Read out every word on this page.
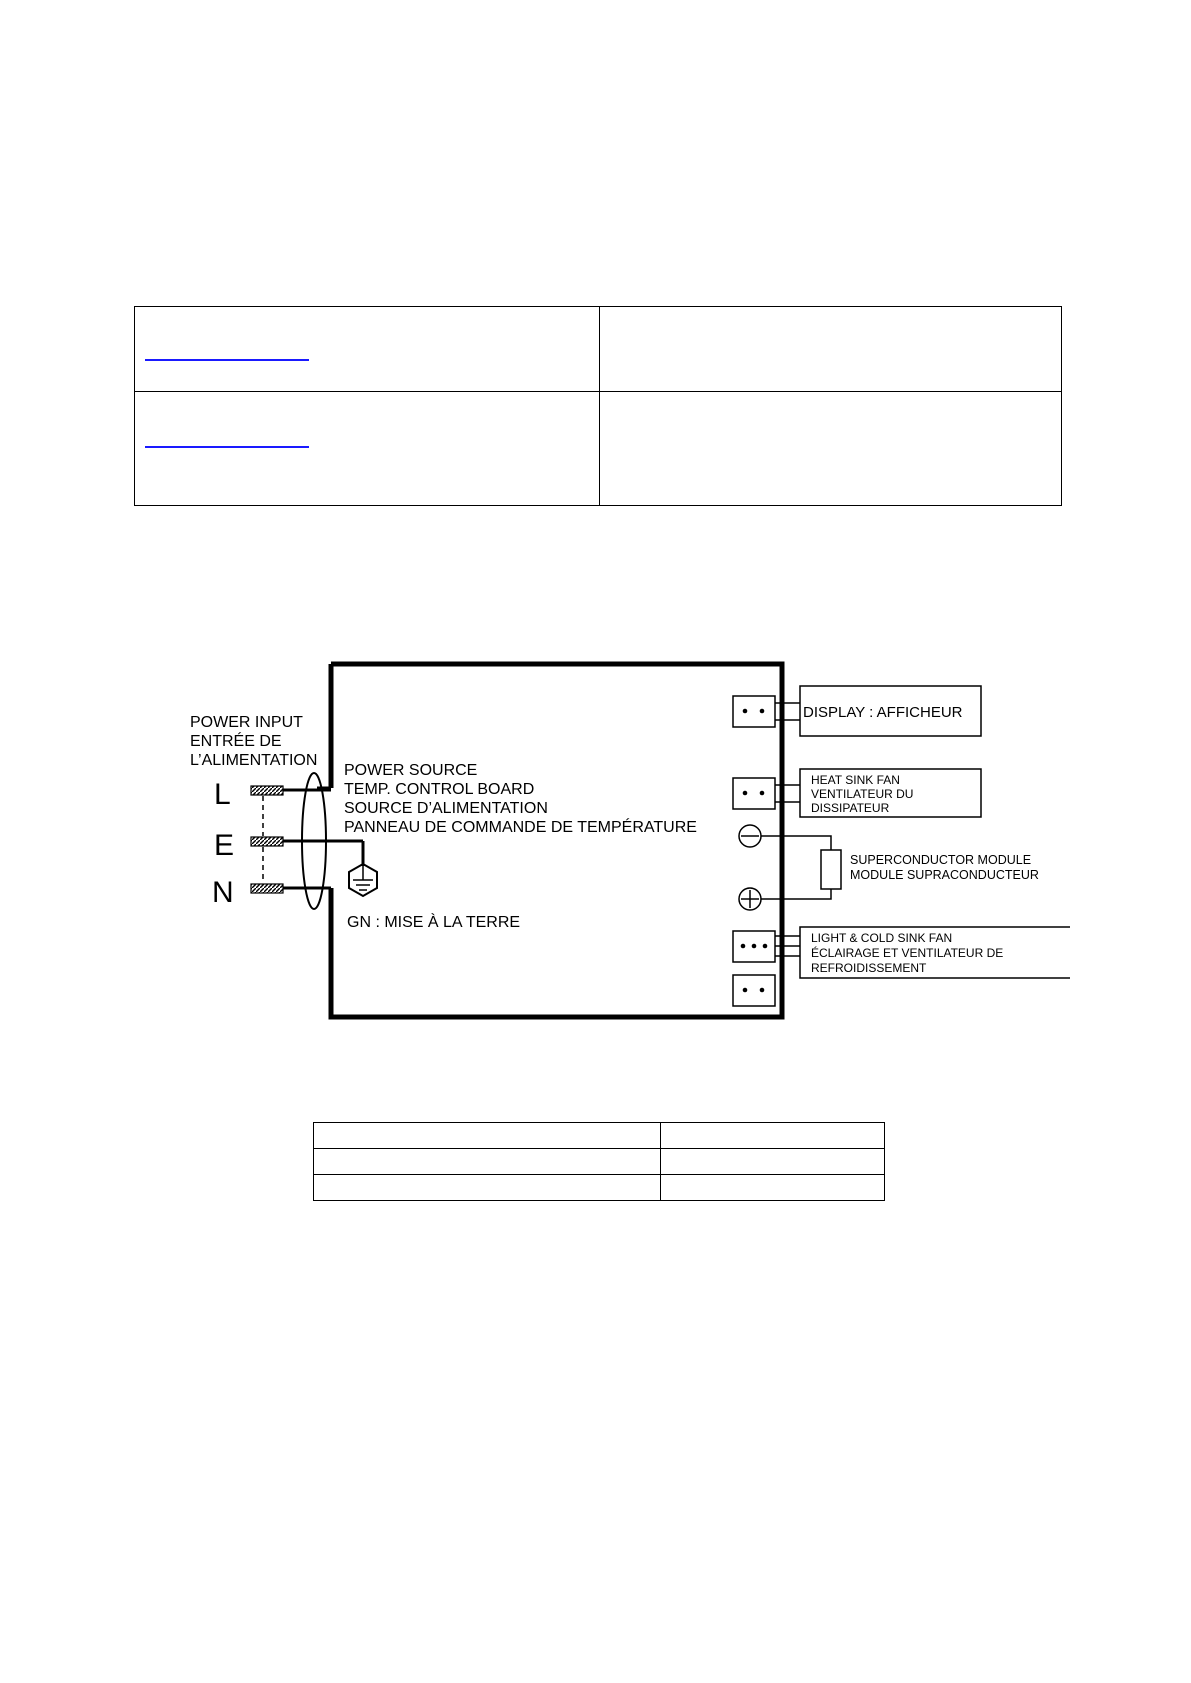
POWER INPUT
ENTRÉE DE
L’ALIMENTATION
L
E
N
POWER SOURCE
TEMP. CONTROL BOARD
SOURCE D’ALIMENTATION
PANNEAU DE COMMANDE DE TEMPÉRATURE
GN : MISE À LA TERRE
DISPLAY : AFFICHEUR
HEAT SINK FAN
VENTILATEUR DU
DISSIPATEUR
SUPERCONDUCTOR MODULE
MODULE SUPRACONDUCTEUR
LIGHT & COLD SINK FAN
ÉCLAIRAGE ET VENTILATEUR DE
REFROIDISSEMENT
